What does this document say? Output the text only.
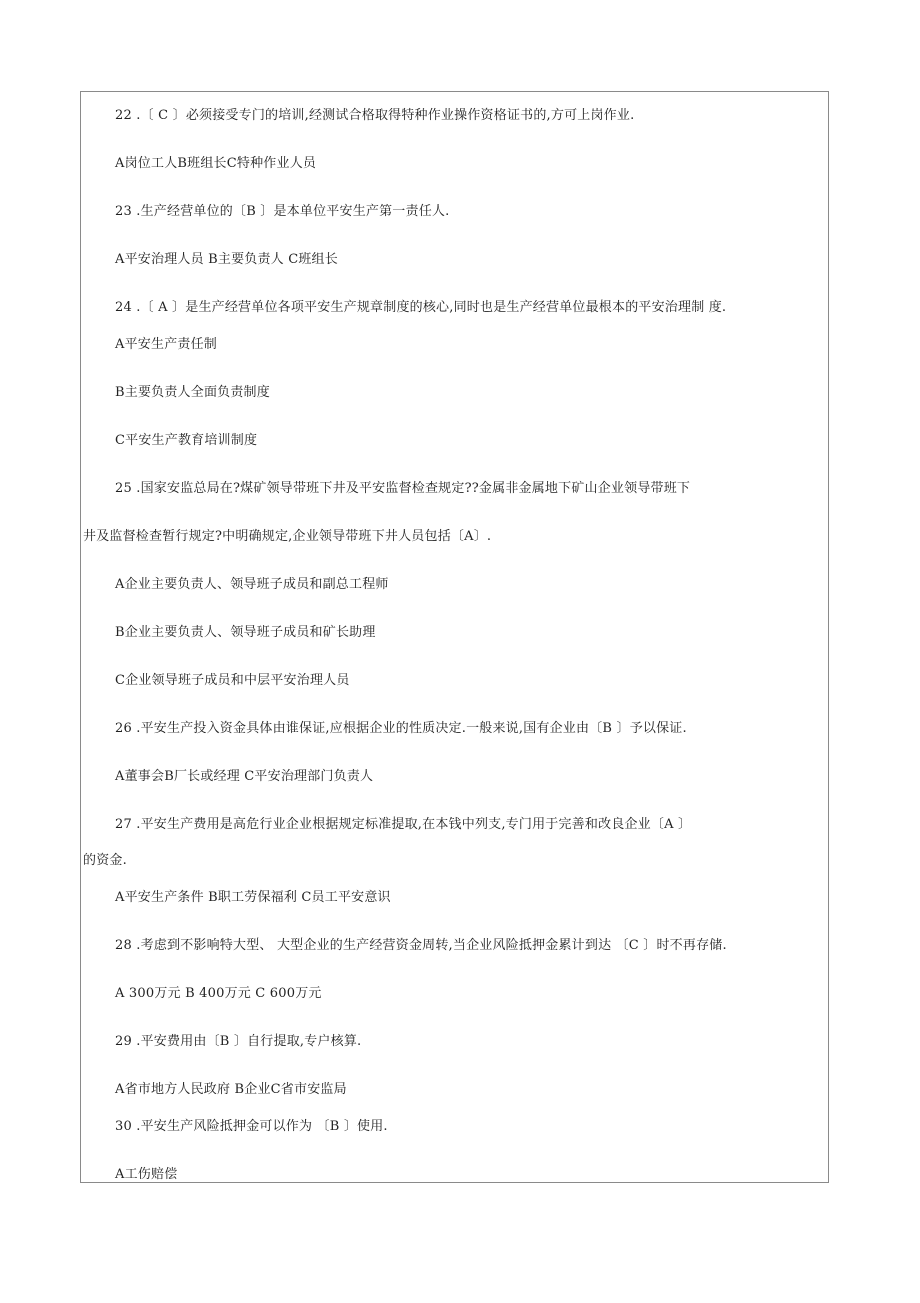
22 .〔 C 〕必须接受专门的培训,经测试合格取得特种作业操作资格证书的,方可上岗作业.
A岗位工人B班组长C特种作业人员
23 .生产经营单位的〔B 〕是本单位平安生产第一责任人.
A平安治理人员 B主要负责人 C班组长
24 .〔 A 〕是生产经营单位各项平安生产规章制度的核心,同时也是生产经营单位最根本的平安治理制 度.
A平安生产责任制
B主要负责人全面负责制度
C平安生产教育培训制度
25 .国家安监总局在?煤矿领导带班下井及平安监督检查规定??金属非金属地下矿山企业领导带班下
井及监督检查暂行规定?中明确规定,企业领导带班下井人员包括〔A〕.
A企业主要负责人、领导班子成员和副总工程师
B企业主要负责人、领导班子成员和矿长助理
C企业领导班子成员和中层平安治理人员
26 .平安生产投入资金具体由谁保证,应根据企业的性质决定.一般来说,国有企业由〔B 〕予以保证.
A董事会B厂长或经理 C平安治理部门负责人
27 .平安生产费用是高危行业企业根据规定标准提取,在本钱中列支,专门用于完善和改良企业〔A 〕
的资金.
A平安生产条件 B职工劳保福利 C员工平安意识
28 .考虑到不影响特大型、 大型企业的生产经营资金周转,当企业风险抵押金累计到达 〔C 〕时不再存储.
A 300万元 B 400万元 C 600万元
29 .平安费用由〔B 〕自行提取,专户核算.
A省市地方人民政府 B企业C省市安监局
30 .平安生产风险抵押金可以作为 〔B 〕使用.
A工伤赔偿
